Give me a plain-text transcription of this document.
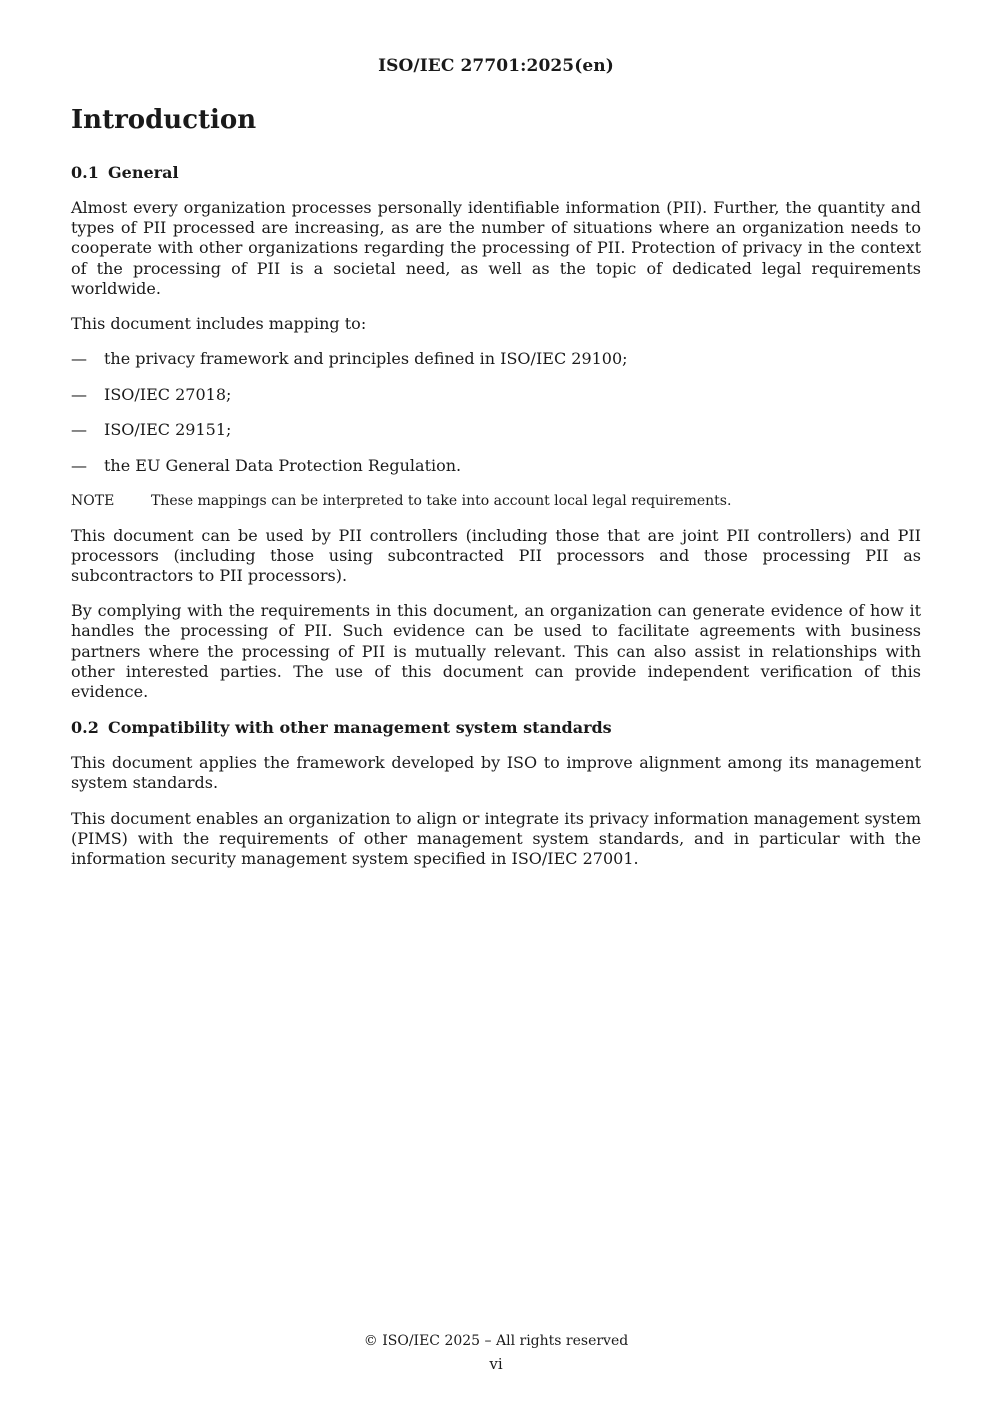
ISO/IEC 27701:2025(en)
Introduction
0.1 General

Almost every organization processes personally identifiable information (PII). Further, the quantity and types of PII processed are increasing, as are the number of situations where an organization needs to cooperate with other organizations regarding the processing of PII. Protection of privacy in the context of the processing of PII is a societal need, as well as the topic of dedicated legal requirements worldwide.

This document includes mapping to:

— the privacy framework and principles defined in ISO/IEC 29100;
— ISO/IEC 27018;
— ISO/IEC 29151;
— the EU General Data Protection Regulation.
NOTE	These mappings can be interpreted to take into account local legal requirements.

This document can be used by PII controllers (including those that are joint PII controllers) and PII processors (including those using subcontracted PII processors and those processing PII as subcontractors to PII processors).

By complying with the requirements in this document, an organization can generate evidence of how it handles the processing of PII. Such evidence can be used to facilitate agreements with business partners where the processing of PII is mutually relevant. This can also assist in relationships with other interested parties. The use of this document can provide independent verification of this evidence.

0.2 Compatibility with other management system standards

This document applies the framework developed by ISO to improve alignment among its management system standards.

This document enables an organization to align or integrate its privacy information management system (PIMS) with the requirements of other management system standards, and in particular with the information security management system specified in ISO/IEC 27001.

© ISO/IEC 2025 – All rights reserved
vi
